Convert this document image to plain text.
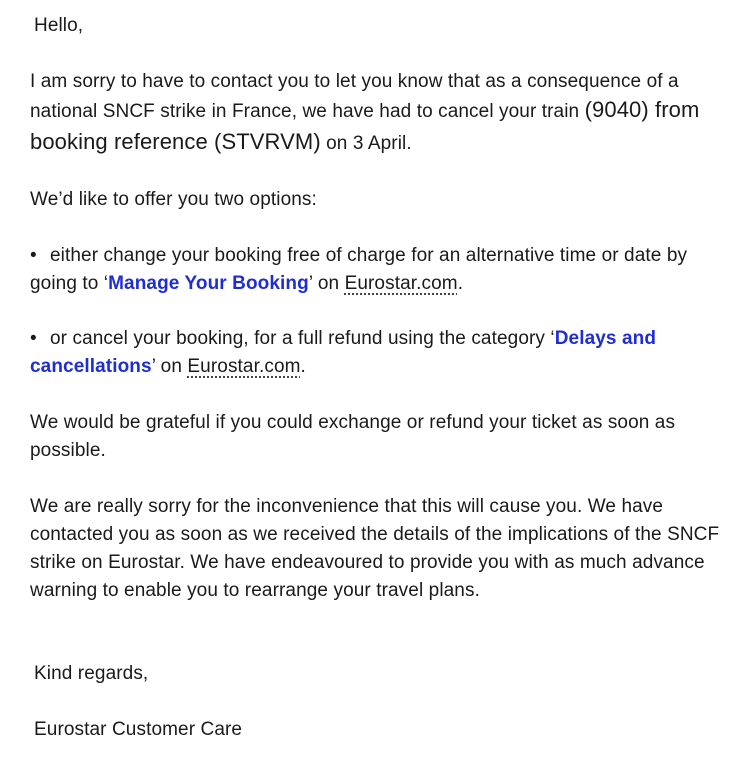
Hello,
I am sorry to have to contact you to let you know that as a consequence of a
national SNCF strike in France, we have had to cancel your train (9040) from
booking reference (STVRVM) on 3 April.
We’d like to offer you two options:
• either change your booking free of charge for an alternative time or date by
going to ‘Manage Your Booking’ on Eurostar.com.
• or cancel your booking, for a full refund using the category ‘Delays and
cancellations’ on Eurostar.com.
We would be grateful if you could exchange or refund your ticket as soon as
possible.
We are really sorry for the inconvenience that this will cause you. We have
contacted you as soon as we received the details of the implications of the SNCF
strike on Eurostar. We have endeavoured to provide you with as much advance
warning to enable you to rearrange your travel plans.
Kind regards,
Eurostar Customer Care
